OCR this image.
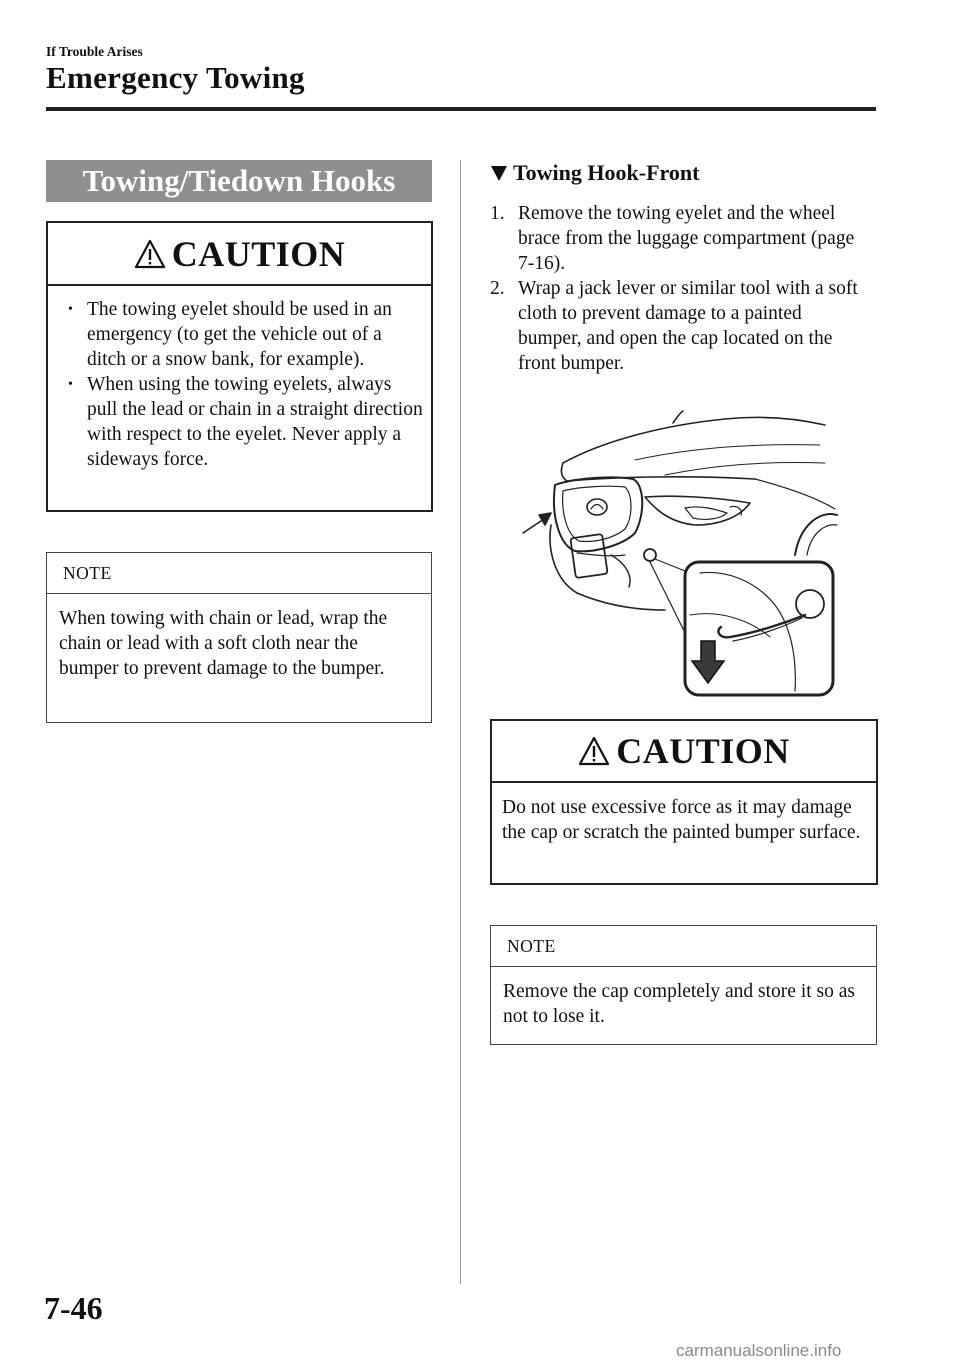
If Trouble Arises
Emergency Towing
Towing/Tiedown Hooks
CAUTION
• The towing eyelet should be used in an emergency (to get the vehicle out of a ditch or a snow bank, for example).
• When using the towing eyelets, always pull the lead or chain in a straight direction with respect to the eyelet. Never apply a sideways force.
NOTE
When towing with chain or lead, wrap the chain or lead with a soft cloth near the bumper to prevent damage to the bumper.
Towing Hook-Front
1. Remove the towing eyelet and the wheel brace from the luggage compartment (page 7-16).
2. Wrap a jack lever or similar tool with a soft cloth to prevent damage to a painted bumper, and open the cap located on the front bumper.
CAUTION
Do not use excessive force as it may damage the cap or scratch the painted bumper surface.
NOTE
Remove the cap completely and store it so as not to lose it.
7-46
carmanualsonline.info
